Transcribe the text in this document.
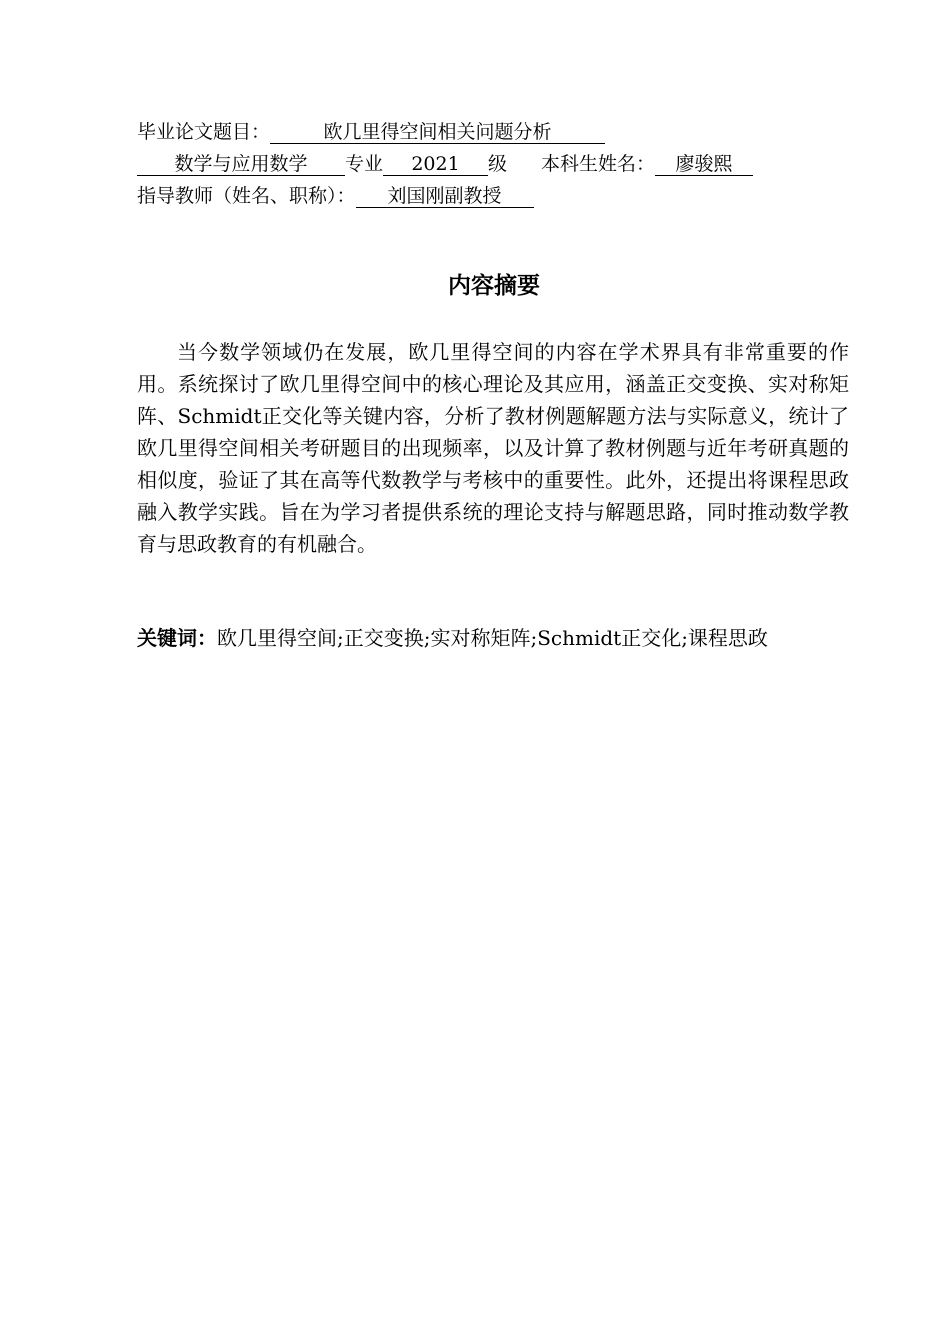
毕业论文题目：	欧几里得空间相关问题分析
数学与应用数学 专业 2021 级 本科生姓名： 廖骏熙
指导教师（姓名、职称）： 刘国刚副教授
内容摘要

当今数学领域仍在发展，欧几里得空间的内容在学术界具有非常重要的作用。系统探讨了欧几里得空间中的核心理论及其应用，涵盖正交变换、实对称矩阵、Schmidt正交化等关键内容，分析了教材例题解题方法与实际意义，统计了欧几里得空间相关考研题目的出现频率，以及计算了教材例题与近年考研真题的相似度，验证了其在高等代数教学与考核中的重要性。此外，还提出将课程思政融入教学实践。旨在为学习者提供系统的理论支持与解题思路，同时推动数学教育与思政教育的有机融合。

关键词：欧几里得空间;正交变换;实对称矩阵;Schmidt正交化;课程思政
